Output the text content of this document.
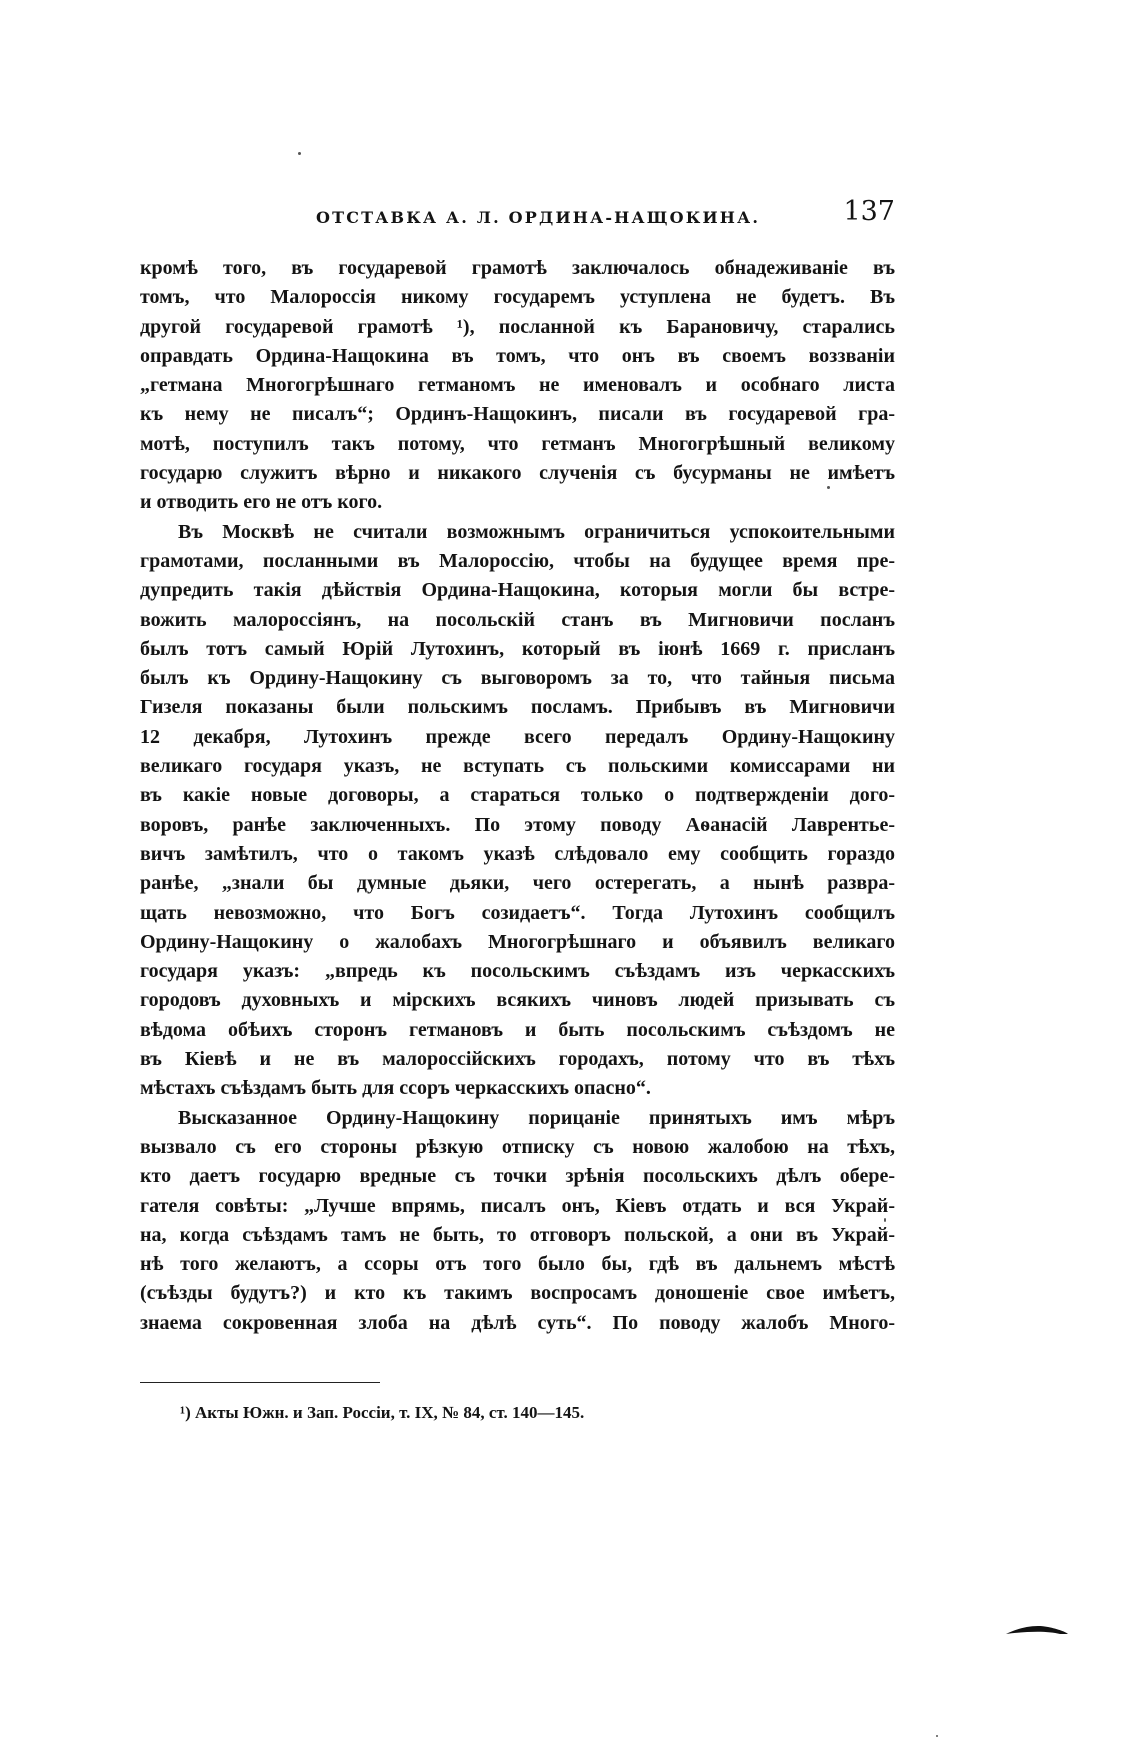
ОТСТАВКА А. Л. ОРДИНА-НАЩОКИНА.	137
кромѣ того, въ государевой грамотѣ заключалось обнадеживаніе въ
томъ, что Малороссія никому государемъ уступлена не будетъ. Въ
другой государевой грамотѣ ¹), посланной къ Барановичу, старались
оправдать Ордина-Нащокина въ томъ, что онъ въ своемъ воззваніи
„гетмана Многогрѣшнаго гетманомъ не именовалъ и особнаго листа
къ нему не писалъ“; Ординъ-Нащокинъ, писали въ государевой гра-
мотѣ, поступилъ такъ потому, что гетманъ Многогрѣшный великому
государю служитъ вѣрно и никакого слученія съ бусурманы не имѣетъ
и отводить его не отъ кого.
Въ Москвѣ не считали возможнымъ ограничиться успокоительными
грамотами, посланными въ Малороссію, чтобы на будущее время пре-
дупредить такія дѣйствія Ордина-Нащокина, которыя могли бы встре-
вожить малороссіянъ, на посольскій станъ въ Мигновичи посланъ
былъ тотъ самый Юрій Лутохинъ, который въ іюнѣ 1669 г. присланъ
былъ къ Ордину-Нащокину съ выговоромъ за то, что тайныя письма
Гизеля показаны были польскимъ посламъ. Прибывъ въ Мигновичи
12 декабря, Лутохинъ прежде всего передалъ Ордину-Нащокину
великаго государя указъ, не вступать съ польскими комиссарами ни
въ какіе новые договоры, а стараться только о подтвержденіи дого-
воровъ, ранѣе заключенныхъ. По этому поводу Аѳанасій Лаврентье-
вичъ замѣтилъ, что о такомъ указѣ слѣдовало ему сообщить гораздо
ранѣе, „знали бы думные дьяки, чего остерегать, а нынѣ развра-
щать невозможно, что Богъ созидаетъ“. Тогда Лутохинъ сообщилъ
Ордину-Нащокину о жалобахъ Многогрѣшнаго и объявилъ великаго
государя указъ: „впредь къ посольскимъ съѣздамъ изъ черкасскихъ
городовъ духовныхъ и мірскихъ всякихъ чиновъ людей призывать съ
вѣдома обѣихъ сторонъ гетмановъ и быть посольскимъ съѣздомъ не
въ Кіевѣ и не въ малороссійскихъ городахъ, потому что въ тѣхъ
мѣстахъ съѣздамъ быть для ссоръ черкасскихъ опасно“.
Высказанное Ордину-Нащокину порицаніе принятыхъ имъ мѣръ
вызвало съ его стороны рѣзкую отписку съ новою жалобою на тѣхъ,
кто даетъ государю вредные съ точки зрѣнія посольскихъ дѣлъ обере-
гателя совѣты: „Лучше впрямь, писалъ онъ, Кіевъ отдать и вся Украй-
на, когда съѣздамъ тамъ не быть, то отговоръ польской, а они въ Украй-
нѣ того желаютъ, а ссоры отъ того было бы, гдѣ въ дальнемъ мѣстѣ
(съѣзды будутъ?) и кто къ такимъ воспросамъ доношеніе свое имѣетъ,
знаема сокровенная злоба на дѣлѣ суть“. По поводу жалобъ Много-
¹) Акты Южн. и Зап. Россіи, т. IX, № 84, ст. 140—145.
